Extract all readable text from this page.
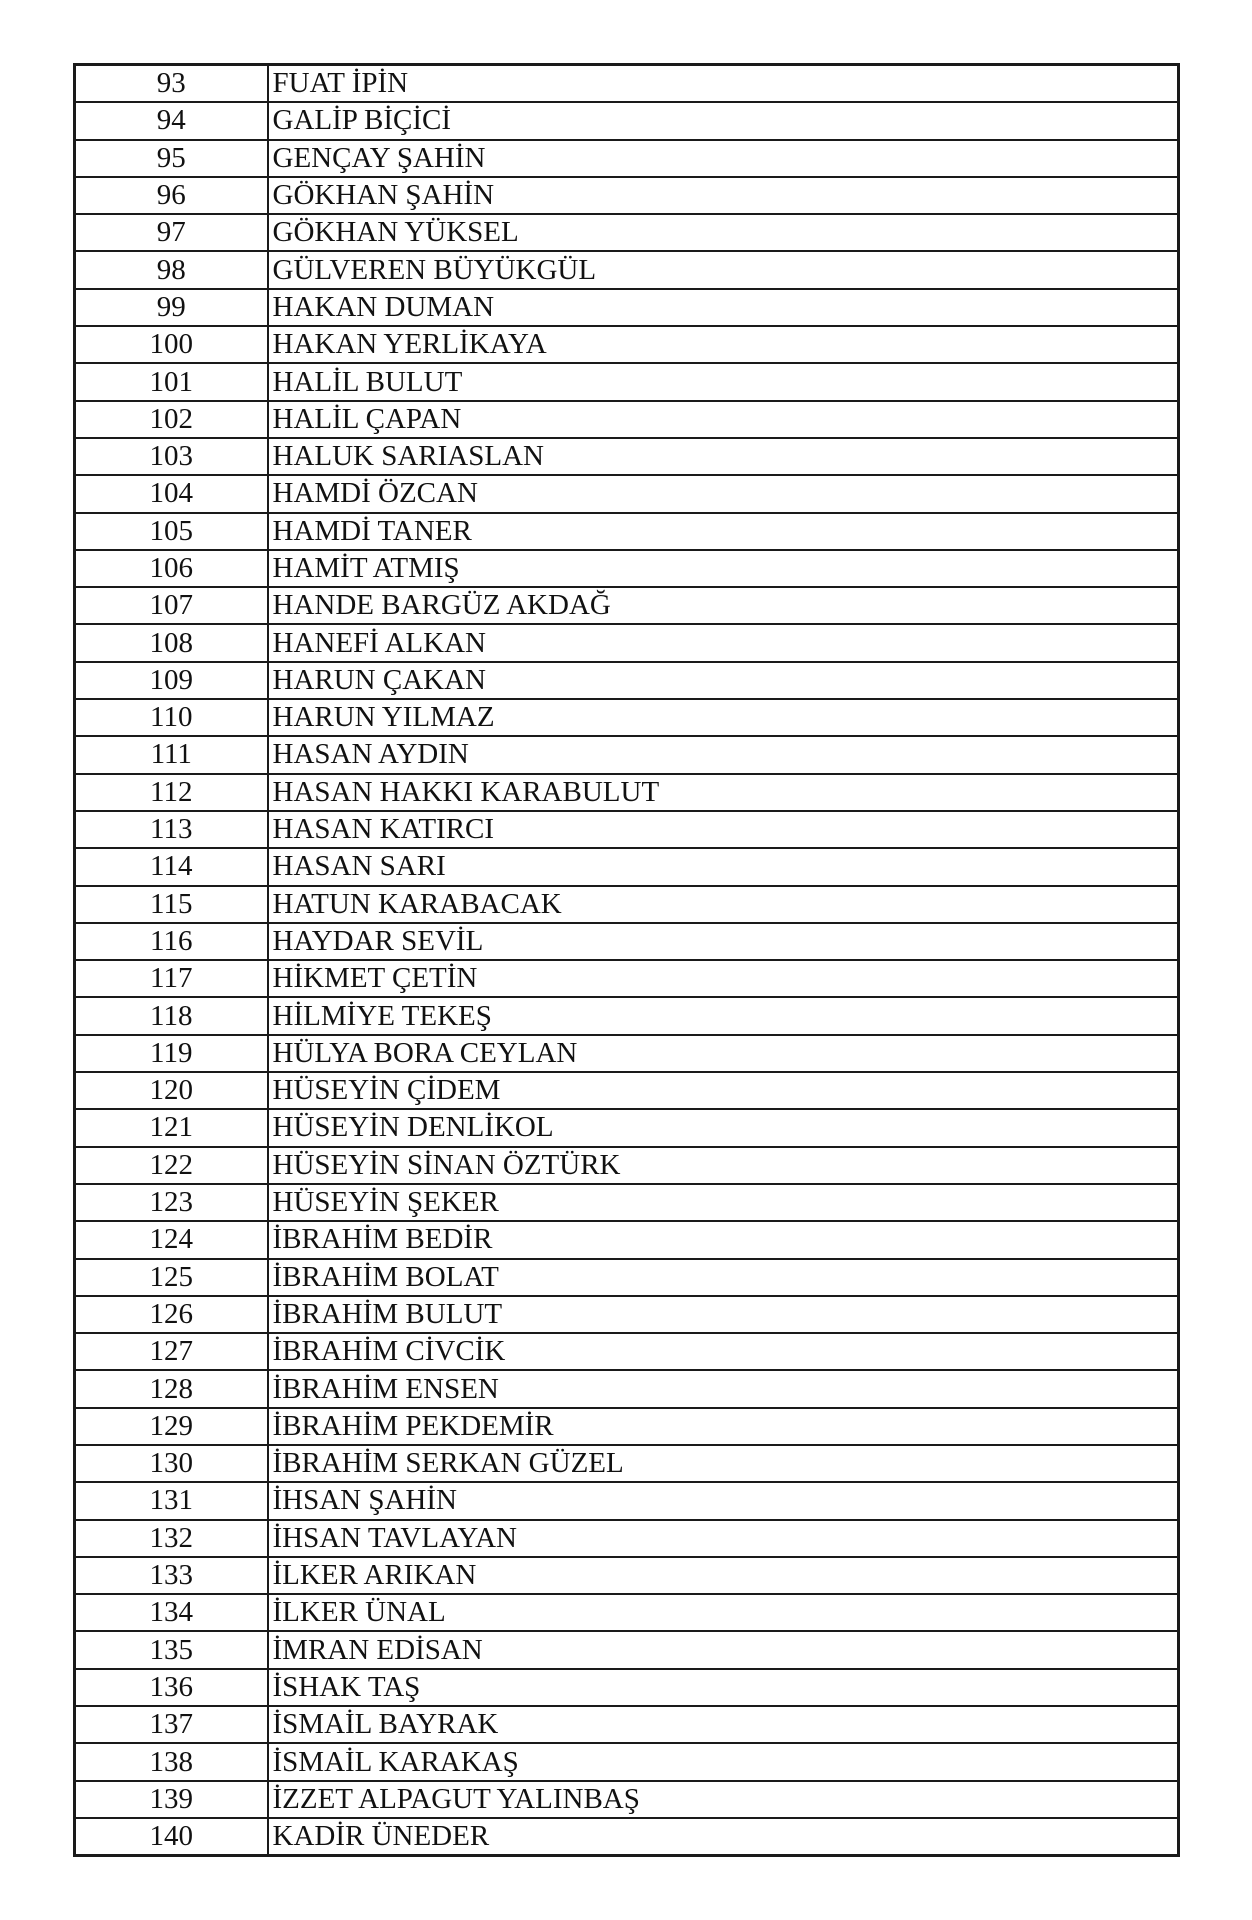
93	FUAT İPİN
94	GALİP BİÇİCİ
95	GENÇAY ŞAHİN
96	GÖKHAN ŞAHİN
97	GÖKHAN YÜKSEL
98	GÜLVEREN BÜYÜKGÜL
99	HAKAN DUMAN
100	HAKAN YERLİKAYA
101	HALİL BULUT
102	HALİL ÇAPAN
103	HALUK SARIASLAN
104	HAMDİ ÖZCAN
105	HAMDİ TANER
106	HAMİT ATMIŞ
107	HANDE BARGÜZ AKDAĞ
108	HANEFİ ALKAN
109	HARUN ÇAKAN
110	HARUN YILMAZ
111	HASAN AYDIN
112	HASAN HAKKI KARABULUT
113	HASAN KATIRCI
114	HASAN SARI
115	HATUN KARABACAK
116	HAYDAR SEVİL
117	HİKMET ÇETİN
118	HİLMİYE TEKEŞ
119	HÜLYA BORA CEYLAN
120	HÜSEYİN ÇİDEM
121	HÜSEYİN DENLİKOL
122	HÜSEYİN SİNAN ÖZTÜRK
123	HÜSEYİN ŞEKER
124	İBRAHİM BEDİR
125	İBRAHİM BOLAT
126	İBRAHİM BULUT
127	İBRAHİM CİVCİK
128	İBRAHİM ENSEN
129	İBRAHİM PEKDEMİR
130	İBRAHİM SERKAN GÜZEL
131	İHSAN ŞAHİN
132	İHSAN TAVLAYAN
133	İLKER ARIKAN
134	İLKER ÜNAL
135	İMRAN EDİSAN
136	İSHAK TAŞ
137	İSMAİL BAYRAK
138	İSMAİL KARAKAŞ
139	İZZET ALPAGUT YALINBAŞ
140	KADİR ÜNEDER
